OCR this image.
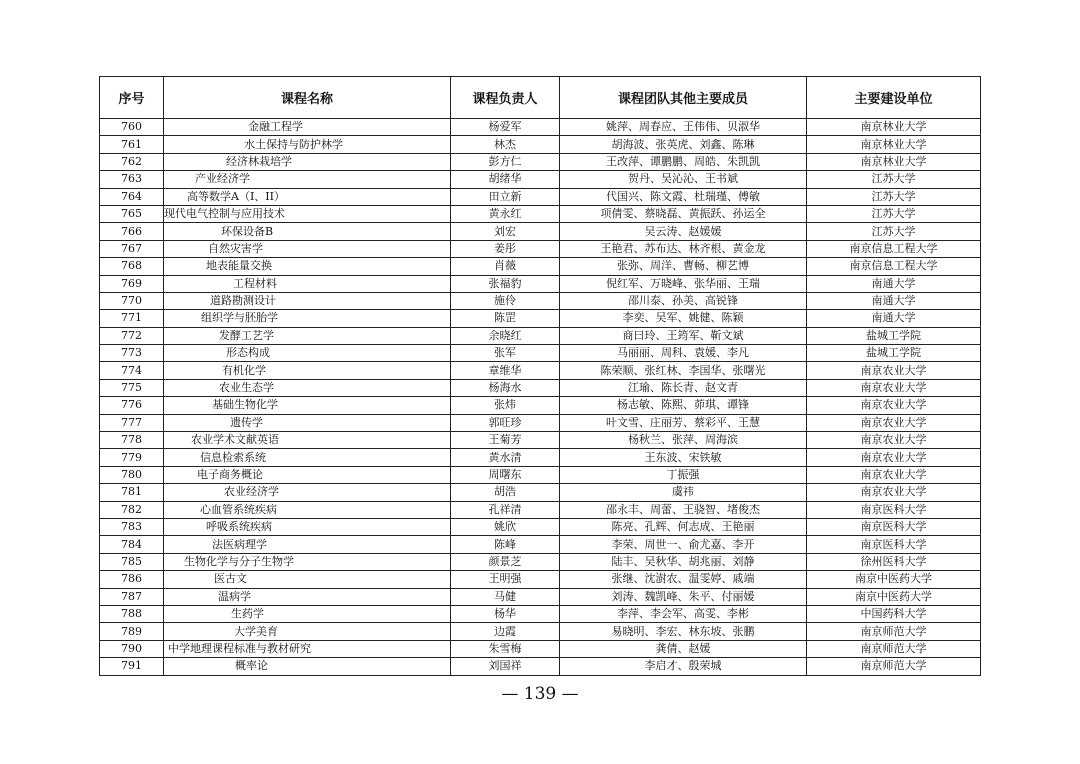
序号	课程名称	课程负责人	课程团队其他主要成员	主要建设单位
760	金融工程学	杨爱军	姚萍、周春应、王伟伟、贝淑华	南京林业大学
761	水土保持与防护林学	林杰	胡海波、张英虎、刘鑫、陈琳	南京林业大学
762	经济林栽培学	彭方仁	王改萍、谭鹏鹏、周皓、朱凯凯	南京林业大学
763	产业经济学	胡绪华	贺丹、吴沁沁、王书斌	江苏大学
764	高等数学A（I、II）	田立新	代国兴、陈文霞、杜瑞瑾、傅敏	江苏大学
765	现代电气控制与应用技术	黄永红	项倩雯、蔡晓磊、黄振跃、孙运全	江苏大学
766	环保设备B	刘宏	吴云涛、赵媛媛	江苏大学
767	自然灾害学	姜彤	王艳君、苏布达、林齐根、黄金龙	南京信息工程大学
768	地表能量交换	肖薇	张弥、周洋、曹畅、柳艺博	南京信息工程大学
769	工程材料	张福豹	倪红军、万晓峰、张华丽、王瑞	南通大学
770	道路勘测设计	施伶	邵川泰、孙美、高锐锋	南通大学
771	组织学与胚胎学	陈罡	李奕、吴军、姚健、陈颖	南通大学
772	发酵工艺学	余晓红	商曰玲、王筠军、靳文斌	盐城工学院
773	形态构成	张军	马丽丽、周科、袁媛、李凡	盐城工学院
774	有机化学	章维华	陈荣顺、张红林、李国华、张曙光	南京农业大学
775	农业生态学	杨海水	江瑜、陈长青、赵文青	南京农业大学
776	基础生物化学	张炜	杨志敏、陈熙、茆琪、谭锋	南京农业大学
777	遗传学	郭旺珍	叶文雪、庄丽芳、蔡彩平、王慧	南京农业大学
778	农业学术文献英语	王菊芳	杨秋兰、张萍、周海滨	南京农业大学
779	信息检索系统	黄水清	王东波、宋铁敏	南京农业大学
780	电子商务概论	周曙东	丁振强	南京农业大学
781	农业经济学	胡浩	虞祎	南京农业大学
782	心血管系统疾病	孔祥清	邵永丰、周蕾、王骁智、堵俊杰	南京医科大学
783	呼吸系统疾病	姚欣	陈亮、孔辉、何志成、王艳丽	南京医科大学
784	法医病理学	陈峰	李荣、周世一、俞尤嘉、李开	南京医科大学
785	生物化学与分子生物学	颜景芝	陆丰、吴秋华、胡兆丽、刘静	徐州医科大学
786	医古文	王明强	张继、沈澍农、温雯婷、戚端	南京中医药大学
787	温病学	马健	刘涛、魏凯峰、朱平、付丽媛	南京中医药大学
788	生药学	杨华	李萍、李会军、高雯、李彬	中国药科大学
789	大学美育	边霞	易晓明、李宏、林东坡、张鹏	南京师范大学
790	中学地理课程标准与教材研究	朱雪梅	龚倩、赵媛	南京师范大学
791	概率论	刘国祥	李启才、殷荣城	南京师范大学
— 139 —
